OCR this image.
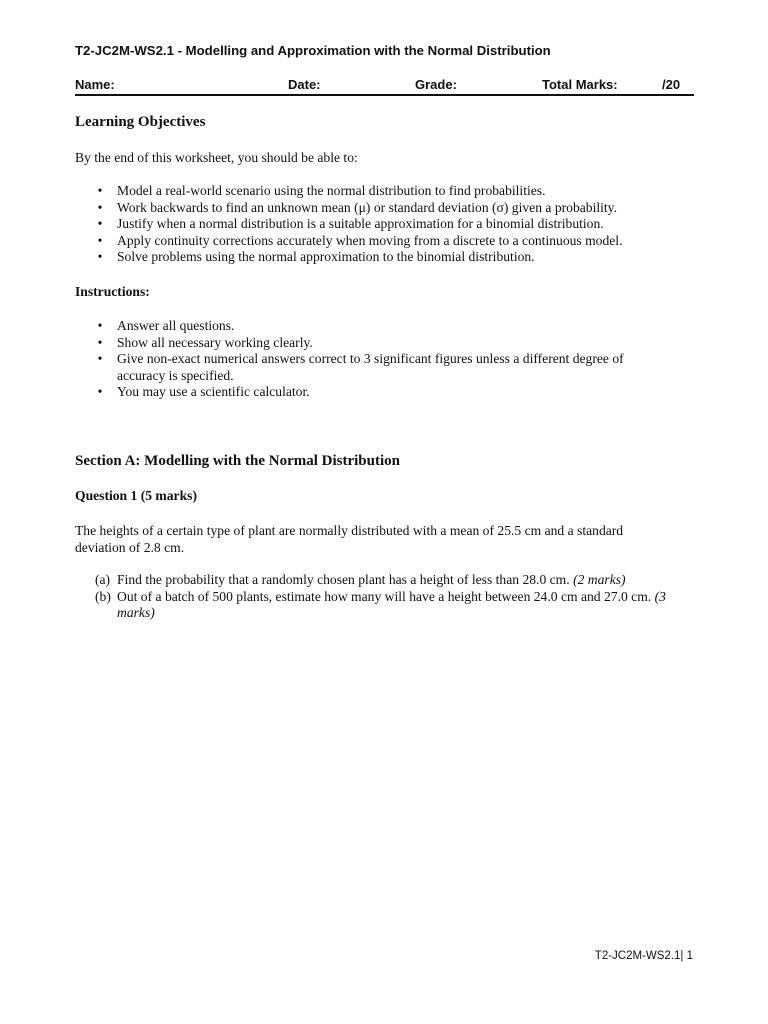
T2-JC2M-WS2.1 - Modelling and Approximation with the Normal Distribution
Name:	Date:	Grade:	Total Marks:	/20
Learning Objectives
By the end of this worksheet, you should be able to:
• Model a real-world scenario using the normal distribution to find probabilities.
• Work backwards to find an unknown mean (μ) or standard deviation (σ) given a probability.
• Justify when a normal distribution is a suitable approximation for a binomial distribution.
• Apply continuity corrections accurately when moving from a discrete to a continuous model.
• Solve problems using the normal approximation to the binomial distribution.
Instructions:
• Answer all questions.
• Show all necessary working clearly.
• Give non-exact numerical answers correct to 3 significant figures unless a different degree of accuracy is specified.
• You may use a scientific calculator.
Section A: Modelling with the Normal Distribution
Question 1 (5 marks)
The heights of a certain type of plant are normally distributed with a mean of 25.5 cm and a standard deviation of 2.8 cm.
(a) Find the probability that a randomly chosen plant has a height of less than 28.0 cm. (2 marks)
(b) Out of a batch of 500 plants, estimate how many will have a height between 24.0 cm and 27.0 cm. (3 marks)
T2-JC2M-WS2.1| 1
